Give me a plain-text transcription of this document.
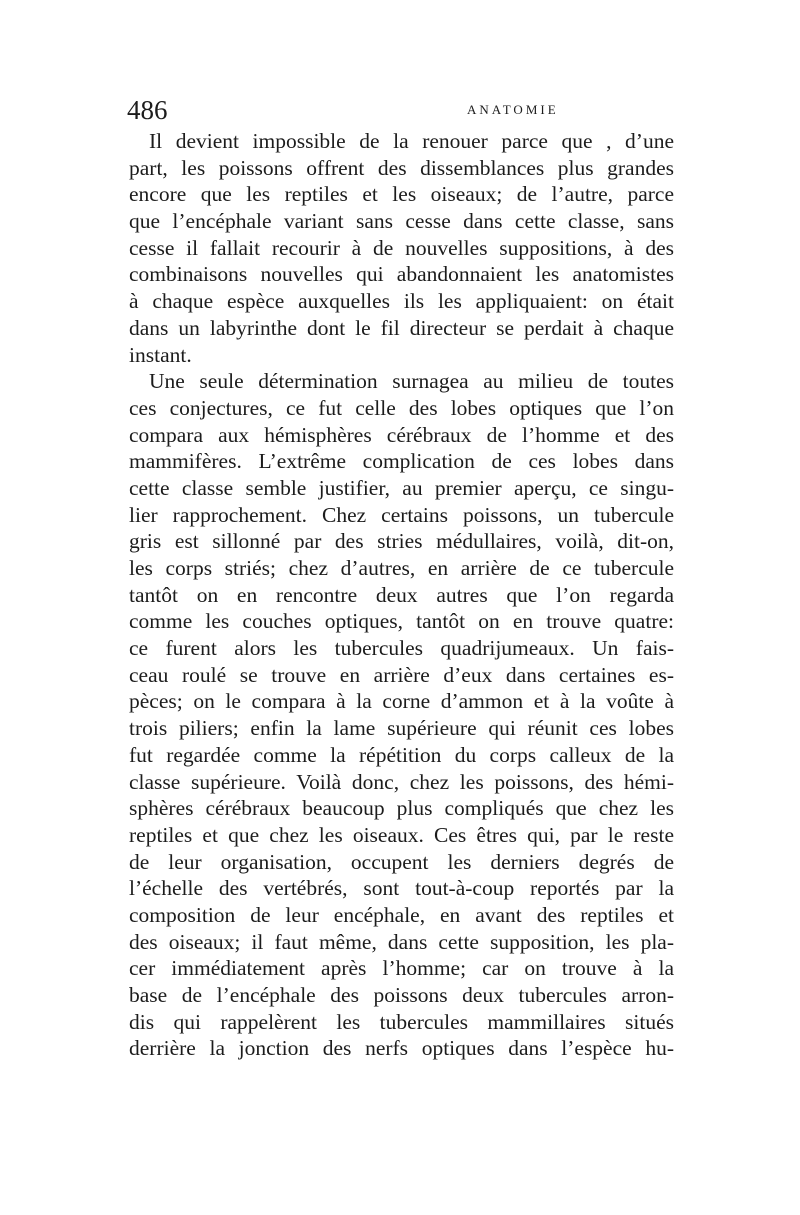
486	ANATOMIE
Il devient impossible de la renouer parce que , d’une
part, les poissons offrent des dissemblances plus grandes
encore que les reptiles et les oiseaux; de l’autre, parce
que l’encéphale variant sans cesse dans cette classe, sans
cesse il fallait recourir à de nouvelles suppositions, à des
combinaisons nouvelles qui abandonnaient les anatomistes
à chaque espèce auxquelles ils les appliquaient: on était
dans un labyrinthe dont le fil directeur se perdait à chaque
instant.
Une seule détermination surnagea au milieu de toutes
ces conjectures, ce fut celle des lobes optiques que l’on
compara aux hémisphères cérébraux de l’homme et des
mammifères. L’extrême complication de ces lobes dans
cette classe semble justifier, au premier aperçu, ce singu-
lier rapprochement. Chez certains poissons, un tubercule
gris est sillonné par des stries médullaires, voilà, dit-on,
les corps striés; chez d’autres, en arrière de ce tubercule
tantôt on en rencontre deux autres que l’on regarda
comme les couches optiques, tantôt on en trouve quatre:
ce furent alors les tubercules quadrijumeaux. Un fais-
ceau roulé se trouve en arrière d’eux dans certaines es-
pèces; on le compara à la corne d’ammon et à la voûte à
trois piliers; enfin la lame supérieure qui réunit ces lobes
fut regardée comme la répétition du corps calleux de la
classe supérieure. Voilà donc, chez les poissons, des hémi-
sphères cérébraux beaucoup plus compliqués que chez les
reptiles et que chez les oiseaux. Ces êtres qui, par le reste
de leur organisation, occupent les derniers degrés de
l’échelle des vertébrés, sont tout-à-coup reportés par la
composition de leur encéphale, en avant des reptiles et
des oiseaux; il faut même, dans cette supposition, les pla-
cer immédiatement après l’homme; car on trouve à la
base de l’encéphale des poissons deux tubercules arron-
dis qui rappelèrent les tubercules mammillaires situés
derrière la jonction des nerfs optiques dans l’espèce hu-
